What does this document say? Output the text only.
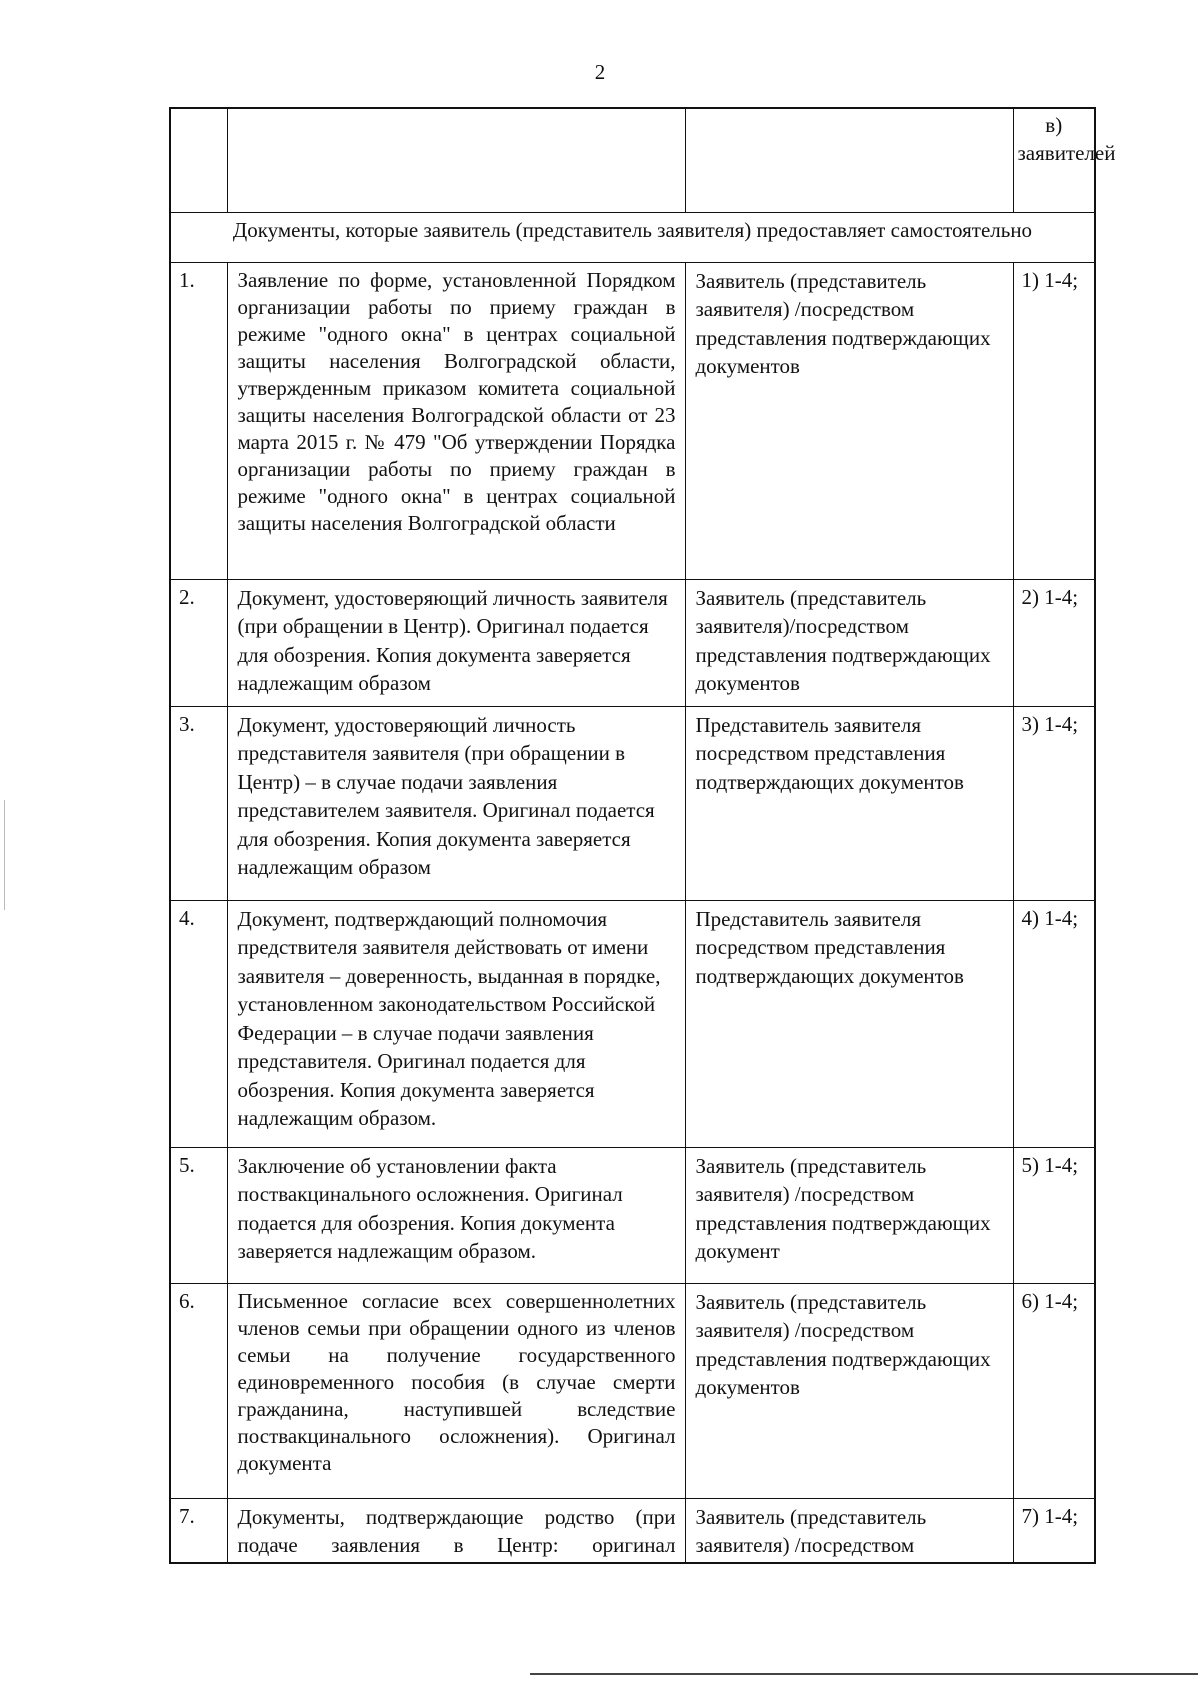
2
			в) заявителей
Документы, которые заявитель (представитель заявителя) предоставляет самостоятельно			
1.	Заявление по форме, установленной Порядком организации работы по приему граждан в режиме "одного окна" в центрах социальной защиты населения Волгоградской области, утвержденным приказом комитета социальной защиты населения Волгоградской области от 23 марта 2015 г. № 479 "Об утверждении Порядка организации работы по приему граждан в режиме "одного окна" в центрах социальной защиты населения Волгоградской области	Заявитель (представитель заявителя) /посредством представления подтверждающих документов	1) 1-4;
2.	Документ, удостоверяющий личность заявителя (при обращении в Центр). Оригинал подается для обозрения. Копия документа заверяется надлежащим образом	Заявитель (представитель заявителя)/посредством представления подтверждающих документов	2) 1-4;
3.	Документ, удостоверяющий личность представителя заявителя (при обращении в Центр) – в случае подачи заявления представителем заявителя. Оригинал подается для обозрения. Копия документа заверяется надлежащим образом	Представитель заявителя посредством представления подтверждающих документов	3) 1-4;
4.	Документ, подтверждающий полномочия предствителя заявителя действовать от имени заявителя – доверенность, выданная в порядке, установленном законодательством Российской Федерации – в случае подачи заявления представителя. Оригинал подается для обозрения. Копия документа заверяется надлежащим образом.	Представитель заявителя посредством представления подтверждающих документов	4) 1-4;
5.	Заключение об установлении факта поствакцинального осложнения. Оригинал подается для обозрения. Копия документа заверяется надлежащим образом.	Заявитель (представитель заявителя) /посредством представления подтверждающих документ	5) 1-4;
6.	Письменное согласие всех совершеннолетних членов семьи при обращении одного из членов семьи на получение государственного единовременного пособия (в случае смерти гражданина, наступившей вследствие поствакцинального осложнения). Оригинал документа	Заявитель (представитель заявителя) /посредством представления подтверждающих документов	6) 1-4;
7.	Документы, подтверждающие родство (при подаче заявления в Центр: оригинал	Заявитель (представитель заявителя) /посредством	7) 1-4;
